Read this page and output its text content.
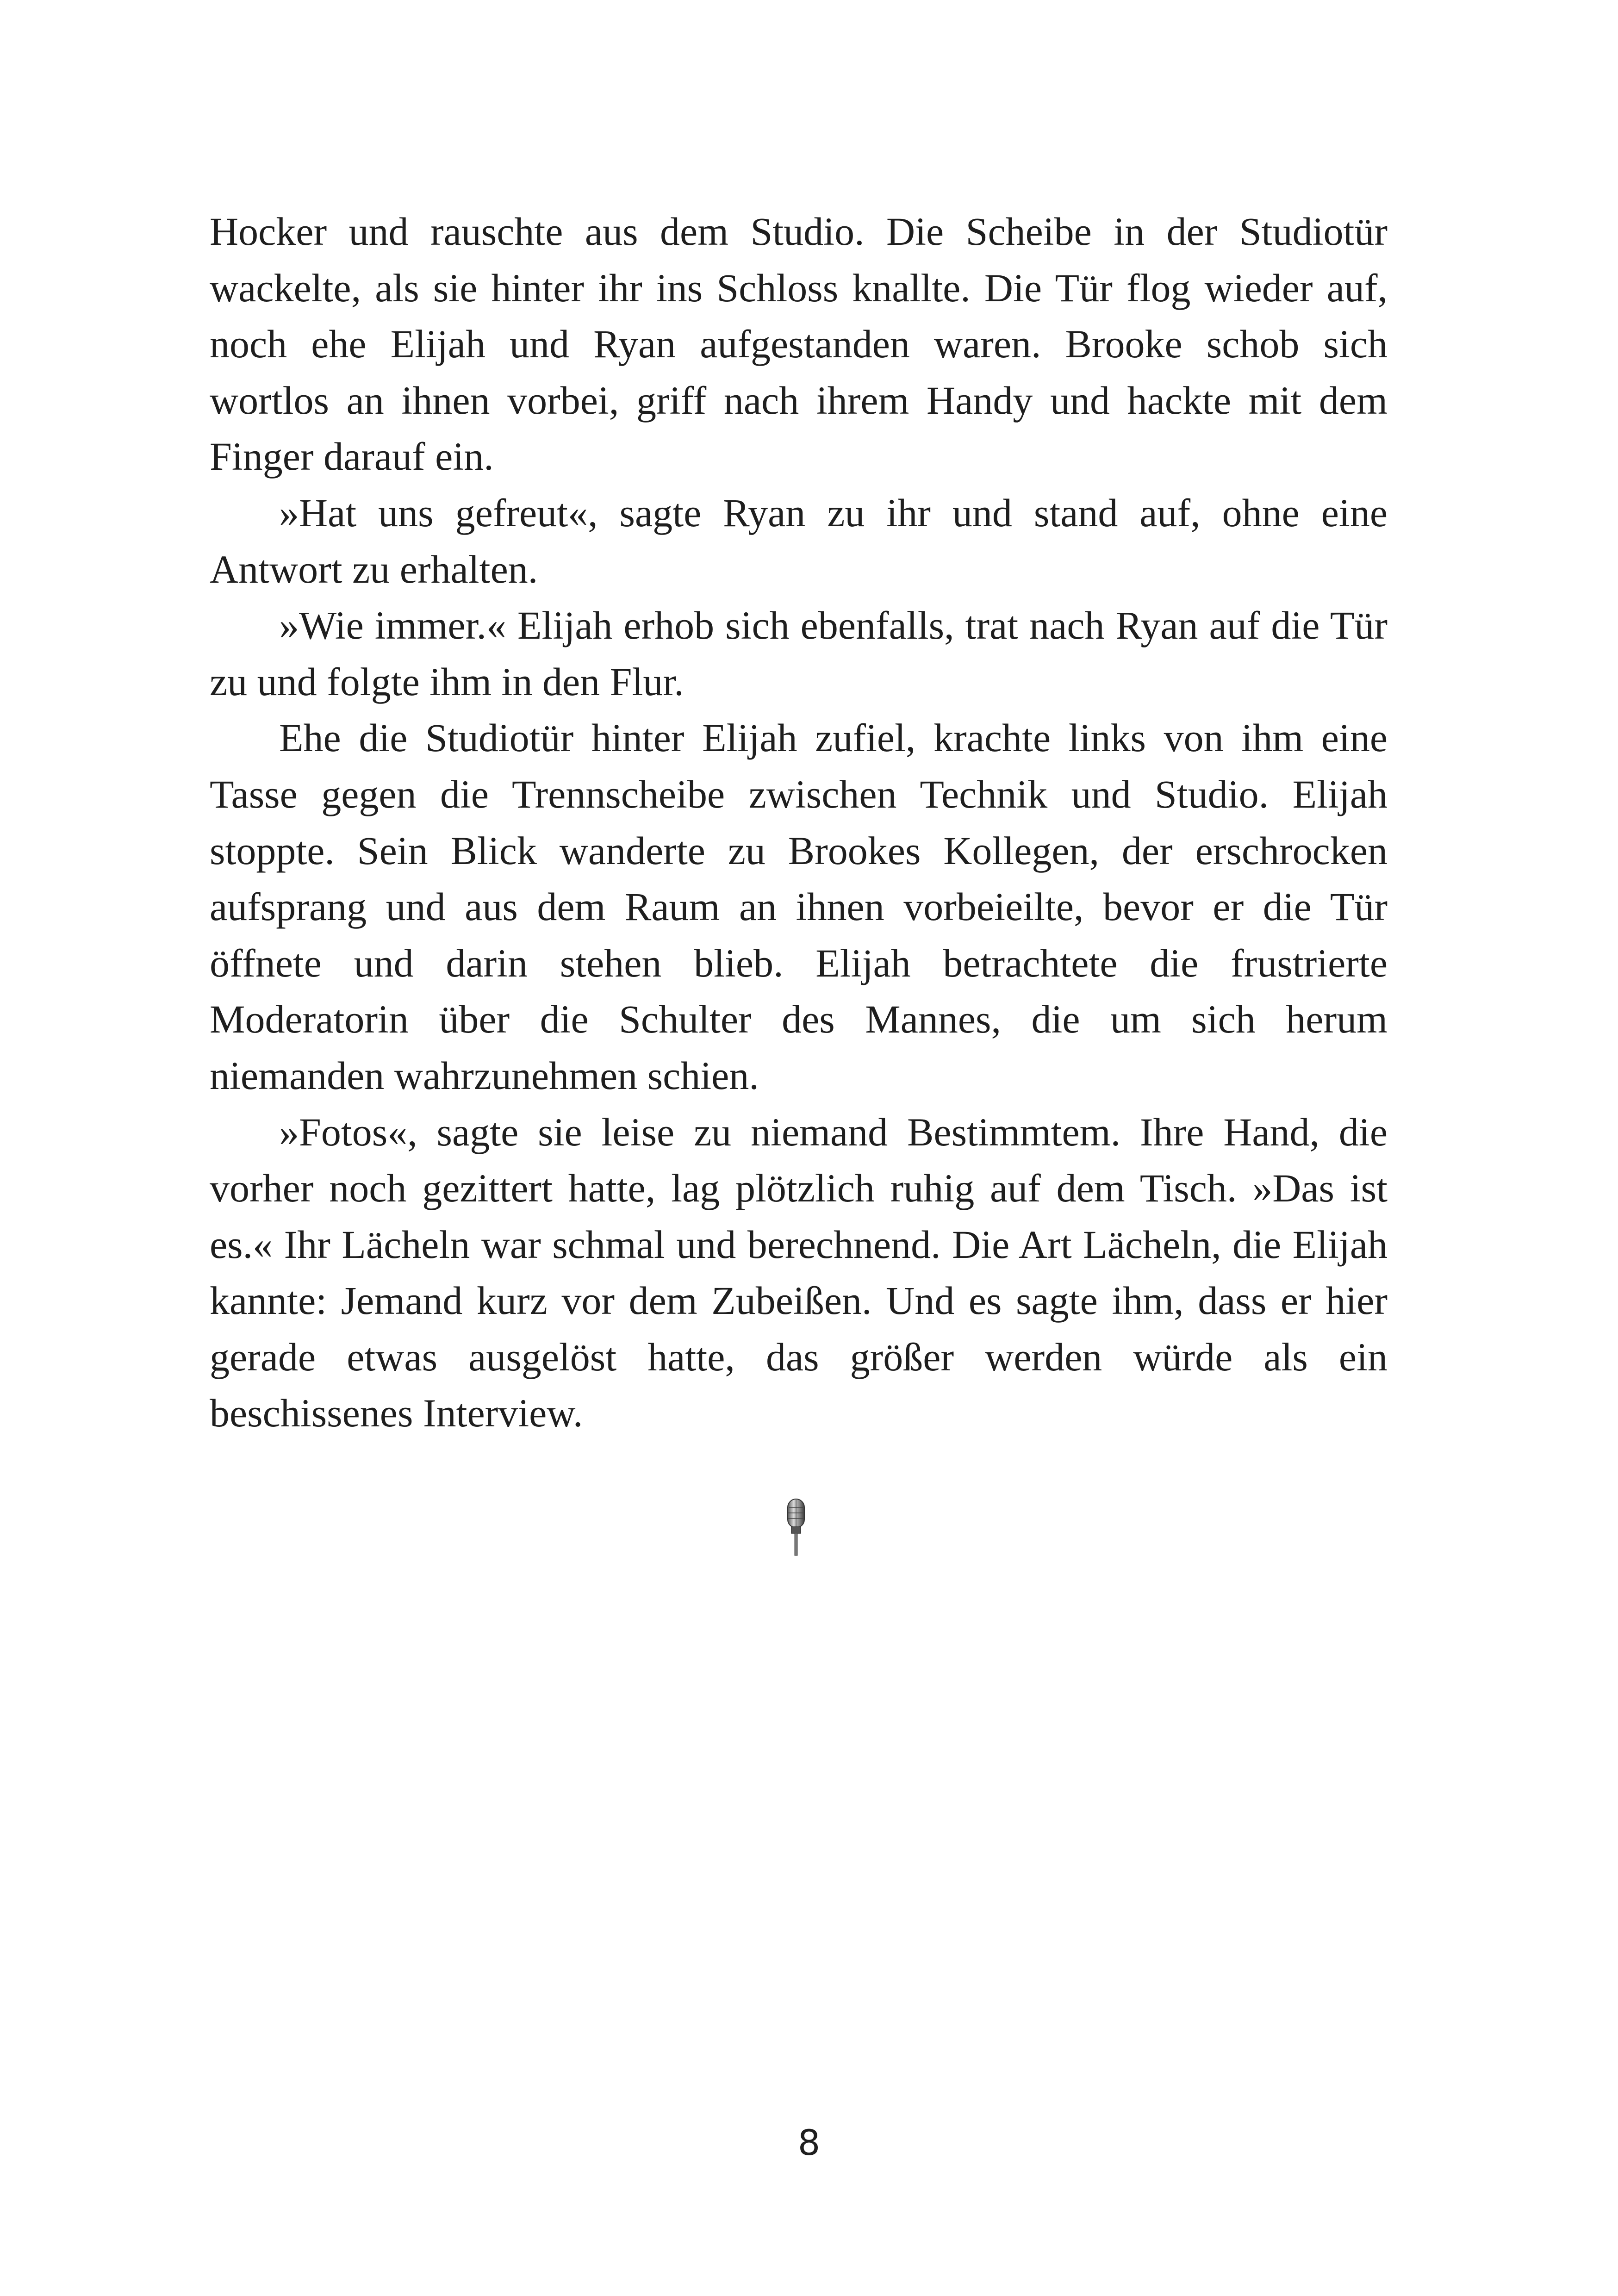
Hocker und rauschte aus dem Studio. Die Scheibe in der Studiotür wackelte, als sie hinter ihr ins Schloss knallte. Die Tür flog wieder auf, noch ehe Elijah und Ryan aufgestanden waren. Brooke schob sich wortlos an ihnen vorbei, griff nach ihrem Handy und hackte mit dem Finger darauf ein.

»Hat uns gefreut«, sagte Ryan zu ihr und stand auf, ohne eine Antwort zu erhalten.

»Wie immer.« Elijah erhob sich ebenfalls, trat nach Ryan auf die Tür zu und folgte ihm in den Flur.

Ehe die Studiotür hinter Elijah zufiel, krachte links von ihm eine Tasse gegen die Trennscheibe zwischen Technik und Studio. Elijah stoppte. Sein Blick wanderte zu Brookes Kollegen, der erschrocken aufsprang und aus dem Raum an ihnen vorbeieilte, bevor er die Tür öffnete und darin stehen blieb. Elijah betrachtete die frustrierte Moderatorin über die Schulter des Mannes, die um sich herum niemanden wahrzunehmen schien.

»Fotos«, sagte sie leise zu niemand Bestimmtem. Ihre Hand, die vorher noch gezittert hatte, lag plötzlich ruhig auf dem Tisch. »Das ist es.« Ihr Lächeln war schmal und berechnend. Die Art Lächeln, die Elijah kannte: Jemand kurz vor dem Zubeißen. Und es sagte ihm, dass er hier gerade etwas ausgelöst hatte, das größer werden würde als ein beschissenes Interview.

8
